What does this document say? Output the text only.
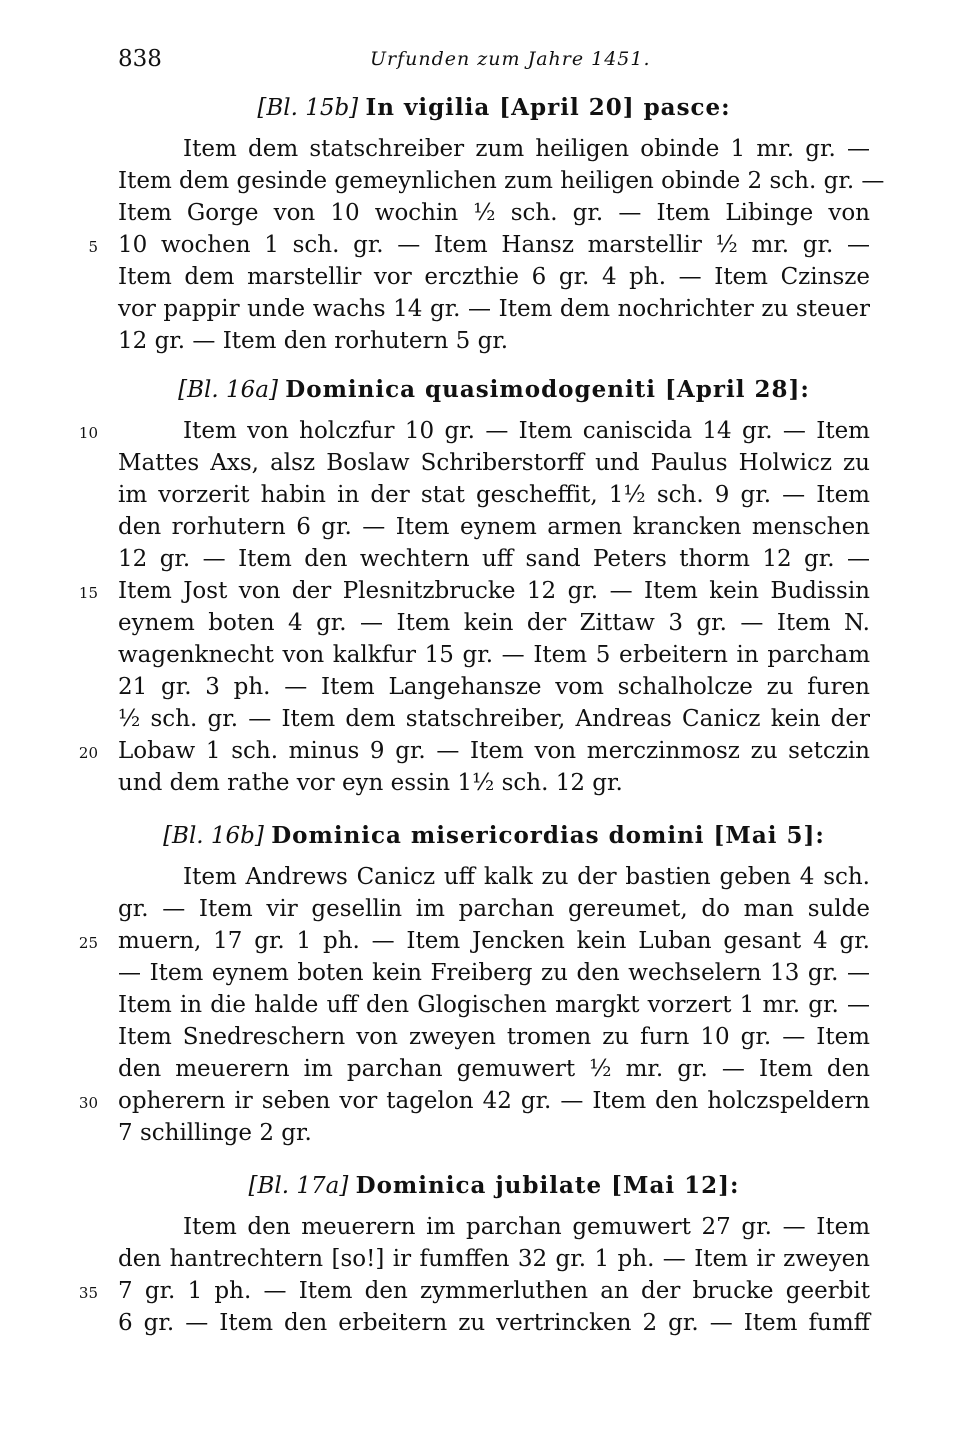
838	Urfunden zum Jahre 1451.
[Bl. 15b] In vigilia [April 20] pasce:
Item dem statschreiber zum heiligen obinde 1 mr. gr. —
Item dem gesinde gemeynlichen zum heiligen obinde 2 sch. gr. —
Item Gorge von 10 wochin ½ sch. gr. — Item Libinge von
10 wochen 1 sch. gr. — Item Hansz marstellir ½ mr. gr. —
Item dem marstellir vor erczthie 6 gr. 4 ph. — Item Czinsze
vor pappir unde wachs 14 gr. — Item dem nochrichter zu steuer
12 gr. — Item den rorhutern 5 gr.
[Bl. 16a] Dominica quasimodogeniti [April 28]:
Item von holczfur 10 gr. — Item caniscida 14 gr. — Item
Mattes Axs, alsz Boslaw Schriberstorff und Paulus Holwicz zu
im vorzerit habin in der stat gescheffit, 1½ sch. 9 gr. — Item
den rorhutern 6 gr. — Item eynem armen krancken menschen
12 gr. — Item den wechtern uff sand Peters thorm 12 gr. —
Item Jost von der Plesnitzbrucke 12 gr. — Item kein Budissin
eynem boten 4 gr. — Item kein der Zittaw 3 gr. — Item N.
wagenknecht von kalkfur 15 gr. — Item 5 erbeitern in parcham
21 gr. 3 ph. — Item Langehansze vom schalholcze zu furen
½ sch. gr. — Item dem statschreiber, Andreas Canicz kein der
Lobaw 1 sch. minus 9 gr. — Item von merczinmosz zu setczin
und dem rathe vor eyn essin 1½ sch. 12 gr.
[Bl. 16b] Dominica misericordias domini [Mai 5]:
Item Andrews Canicz uff kalk zu der bastien geben 4 sch.
gr. — Item vir gesellin im parchan gereumet, do man sulde
muern, 17 gr. 1 ph. — Item Jencken kein Luban gesant 4 gr.
— Item eynem boten kein Freiberg zu den wechselern 13 gr. —
Item in die halde uff den Glogischen margkt vorzert 1 mr. gr. —
Item Snedreschern von zweyen tromen zu furn 10 gr. — Item
den meuerern im parchan gemuwert ½ mr. gr. — Item den
opherern ir seben vor tagelon 42 gr. — Item den holczspeldern
7 schillinge 2 gr.
[Bl. 17a] Dominica jubilate [Mai 12]:
Item den meuerern im parchan gemuwert 27 gr. — Item
den hantrechtern [so!] ir fumffen 32 gr. 1 ph. — Item ir zweyen
7 gr. 1 ph. — Item den zymmerluthen an der brucke geerbit
6 gr. — Item den erbeitern zu vertrincken 2 gr. — Item fumff
5
10
15
20
25
30
35
